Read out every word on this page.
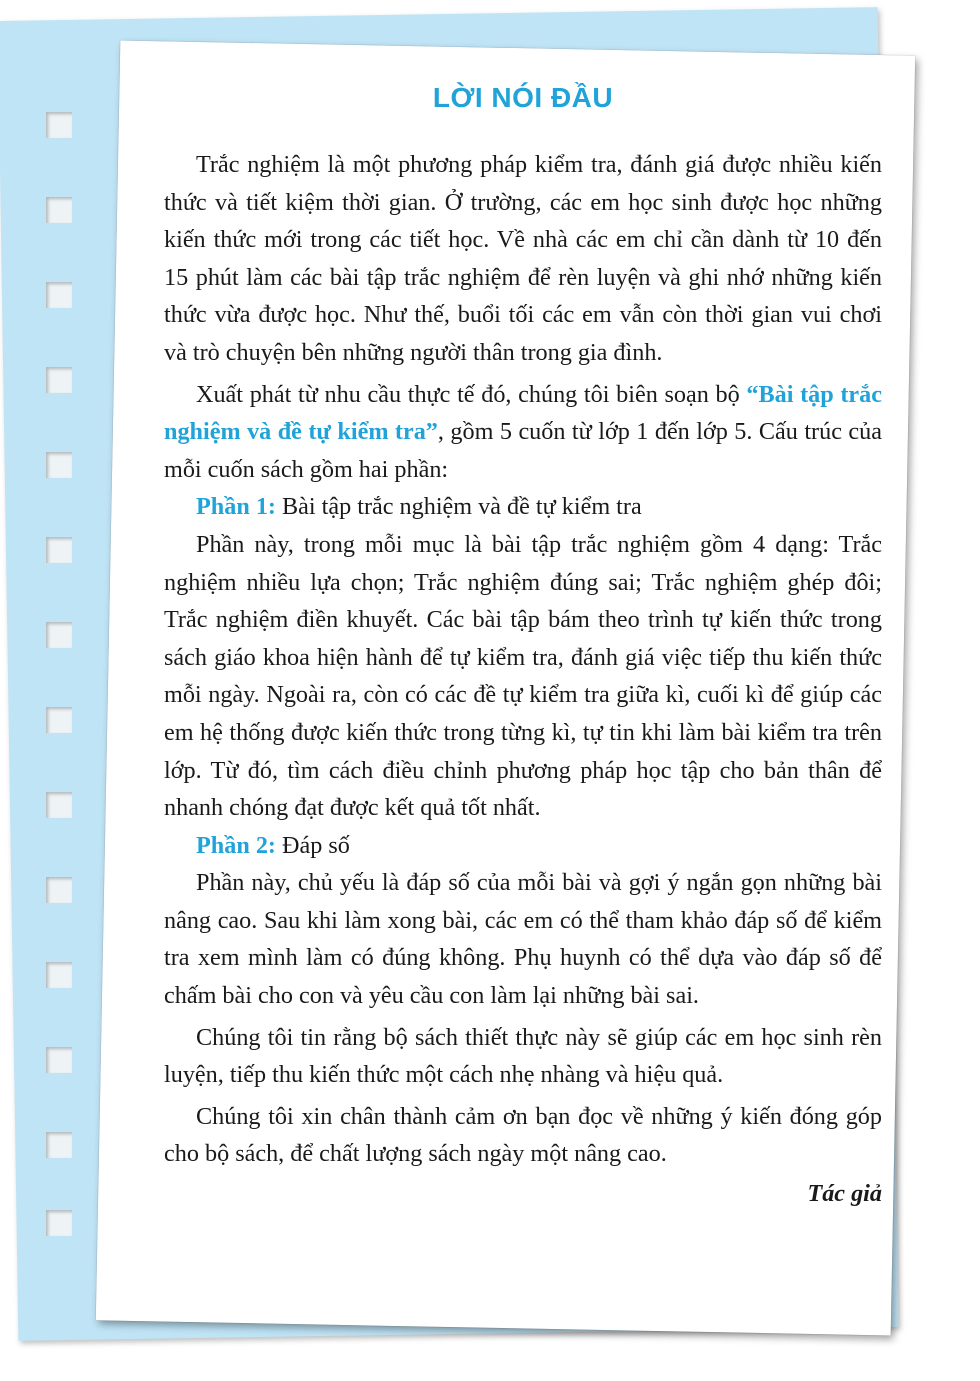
LỜI NÓI ĐẦU

Trắc nghiệm là một phương pháp kiểm tra, đánh giá được nhiều kiến thức và tiết kiệm thời gian. Ở trường, các em học sinh được học những kiến thức mới trong các tiết học. Về nhà các em chỉ cần dành từ 10 đến 15 phút làm các bài tập trắc nghiệm để rèn luyện và ghi nhớ những kiến thức vừa được học. Như thế, buổi tối các em vẫn còn thời gian vui chơi và trò chuyện bên những người thân trong gia đình.

Xuất phát từ nhu cầu thực tế đó, chúng tôi biên soạn bộ “Bài tập trắc nghiệm và đề tự kiểm tra”, gồm 5 cuốn từ lớp 1 đến lớp 5. Cấu trúc của mỗi cuốn sách gồm hai phần:

Phần 1: Bài tập trắc nghiệm và đề tự kiểm tra

Phần này, trong mỗi mục là bài tập trắc nghiệm gồm 4 dạng: Trắc nghiệm nhiều lựa chọn; Trắc nghiệm đúng sai; Trắc nghiệm ghép đôi; Trắc nghiệm điền khuyết. Các bài tập bám theo trình tự kiến thức trong sách giáo khoa hiện hành để tự kiểm tra, đánh giá việc tiếp thu kiến thức mỗi ngày. Ngoài ra, còn có các đề tự kiểm tra giữa kì, cuối kì để giúp các em hệ thống được kiến thức trong từng kì, tự tin khi làm bài kiểm tra trên lớp. Từ đó, tìm cách điều chỉnh phương pháp học tập cho bản thân để nhanh chóng đạt được kết quả tốt nhất.

Phần 2: Đáp số

Phần này, chủ yếu là đáp số của mỗi bài và gợi ý ngắn gọn những bài nâng cao. Sau khi làm xong bài, các em có thể tham khảo đáp số để kiểm tra xem mình làm có đúng không. Phụ huynh có thể dựa vào đáp số để chấm bài cho con và yêu cầu con làm lại những bài sai.

Chúng tôi tin rằng bộ sách thiết thực này sẽ giúp các em học sinh rèn luyện, tiếp thu kiến thức một cách nhẹ nhàng và hiệu quả.

Chúng tôi xin chân thành cảm ơn bạn đọc về những ý kiến đóng góp cho bộ sách, để chất lượng sách ngày một nâng cao.

Tác giả
